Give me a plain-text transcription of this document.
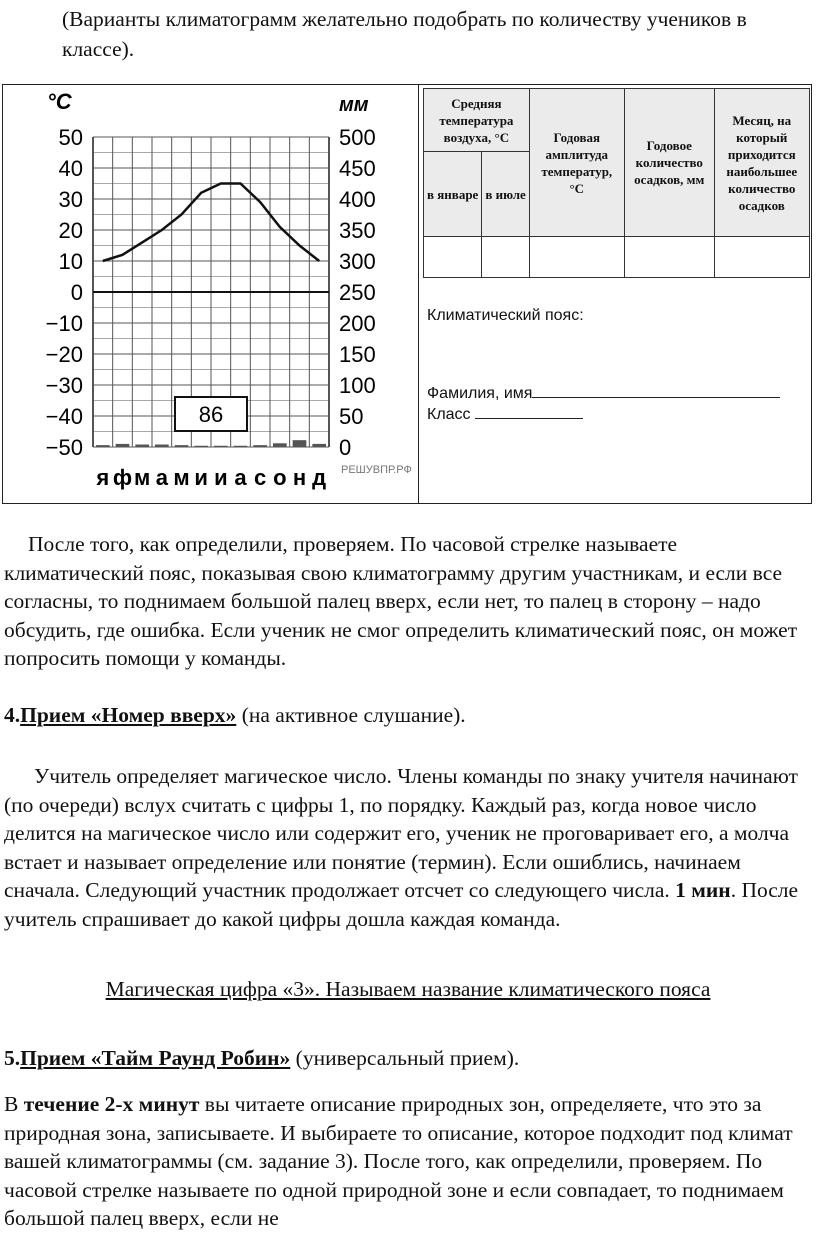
(Варианты климатограмм желательно подобрать по количеству учеников в классе).
50
40
30
20
10
0
−10
−20
−30
−40
−50
500
450
400
350
300
250
200
150
100
50
0
°C	мм
86
я ф м а м и и а с о н д РЕШУВПР.РФ
Средняя температура воздуха, °С		Годовая амплитуда температур, °С	Годовое количество осадков, мм	Месяц, на который приходится наибольшее количество осадков
в январе	в июле			

Климатический пояс:
Фамилия, имя
Класс
После того, как определили, проверяем. По часовой стрелке называете климатический пояс, показывая свою климатограмму другим участникам, и если все согласны, то поднимаем большой палец вверх, если нет, то палец в сторону – надо обсудить, где ошибка. Если ученик не смог определить климатический пояс, он может попросить помощи у команды.
4.Прием «Номер вверх» (на активное слушание).
Учитель определяет магическое число. Члены команды по знаку учителя начинают (по очереди) вслух считать с цифры 1, по порядку. Каждый раз, когда новое число делится на магическое число или содержит его, ученик не проговаривает его, а молча встает и называет определение или понятие (термин). Если ошиблись, начинаем сначала. Следующий участник продолжает отсчет со следующего числа. 1 мин. После учитель спрашивает до какой цифры дошла каждая команда.
Магическая цифра «3». Называем название климатического пояса
5.Прием «Тайм Раунд Робин» (универсальный прием).
В течение 2-х минут вы читаете описание природных зон, определяете, что это за природная зона, записываете. И выбираете то описание, которое подходит под климат вашей климатограммы (см. задание 3). После того, как определили, проверяем. По часовой стрелке называете по одной природной зоне и если совпадает, то поднимаем большой палец вверх, если не
